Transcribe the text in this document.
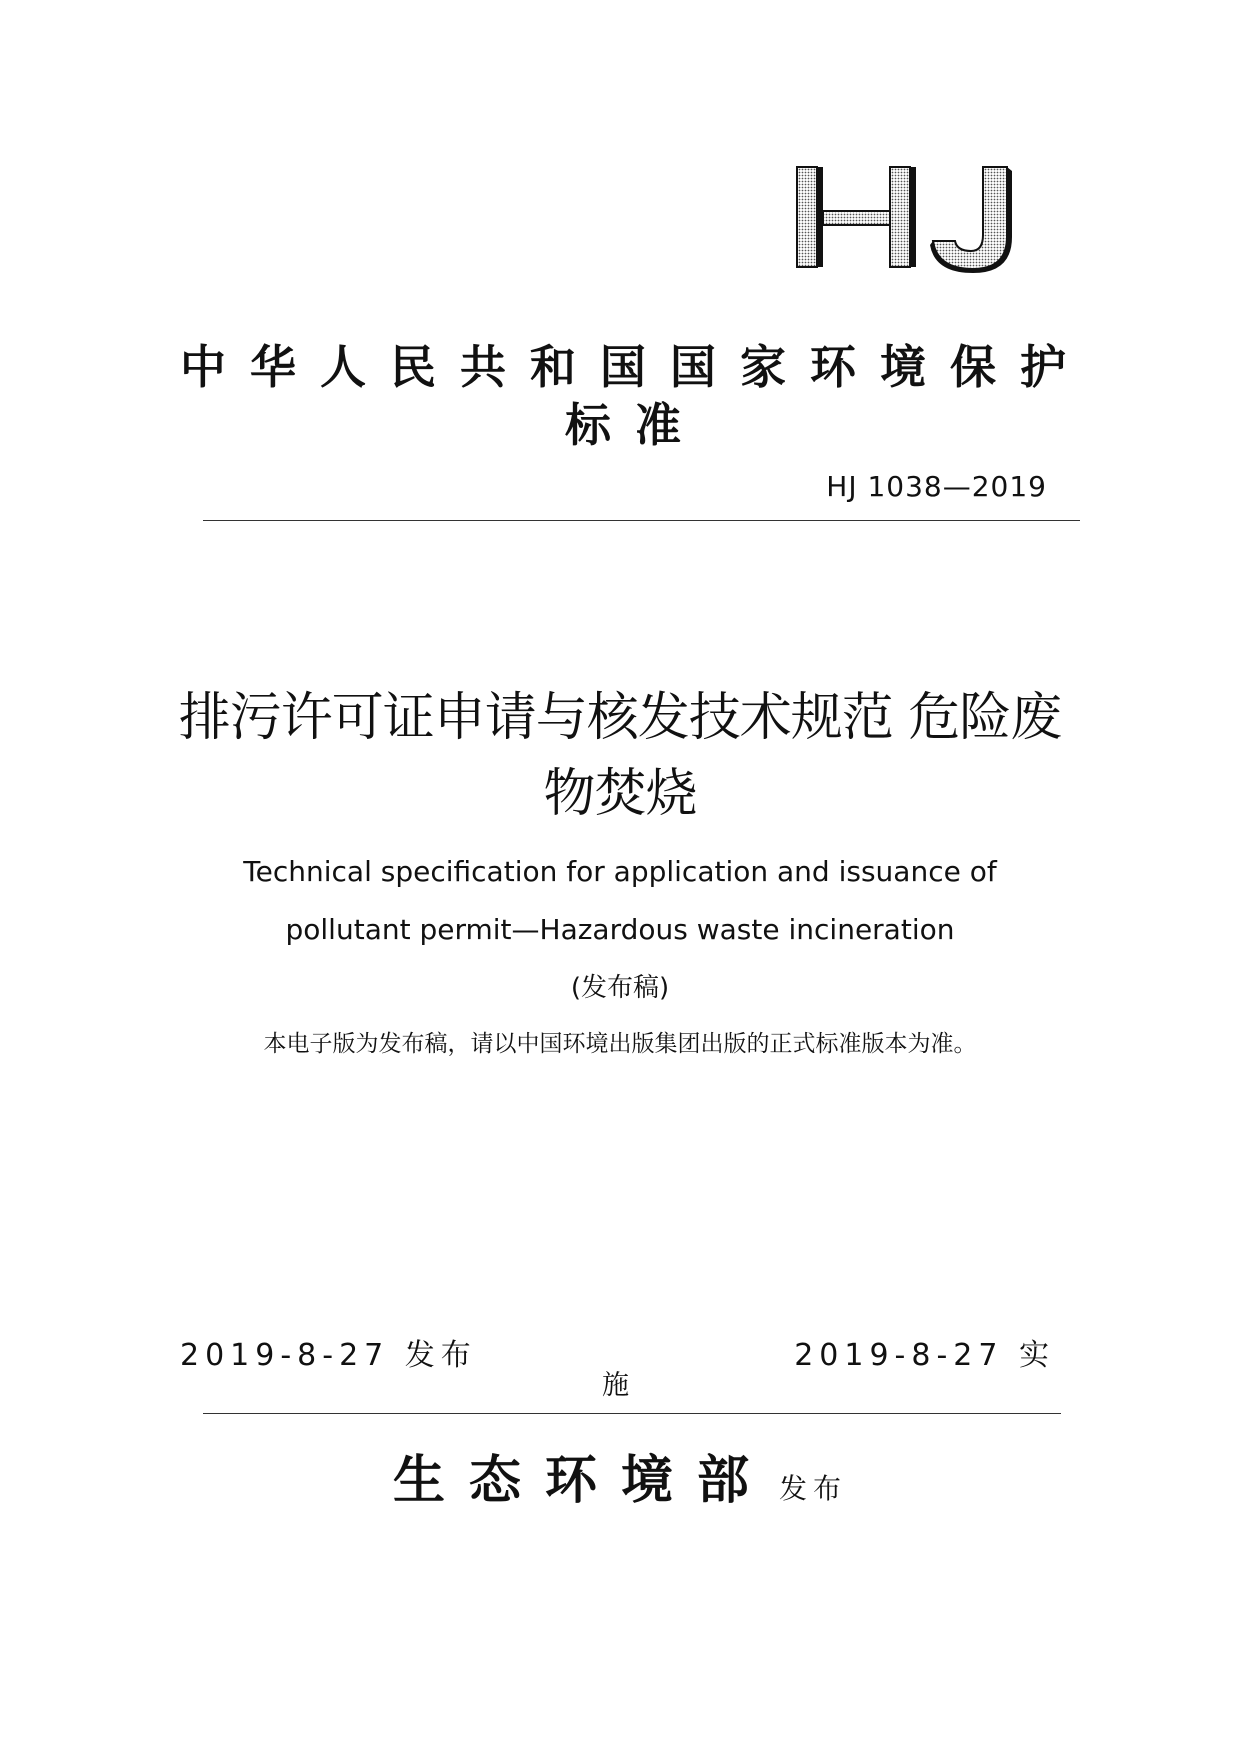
中华人民共和国国家环境保护标准
HJ 1038—2019
排污许可证申请与核发技术规范 危险废物焚烧
Technical specification for application and issuance of pollutant permit—Hazardous waste incineration
(发布稿)
本电子版为发布稿，请以中国环境出版集团出版的正式标准版本为准。
2019-8-27 发布	2019-8-27 实
施
生态环境部 发布
